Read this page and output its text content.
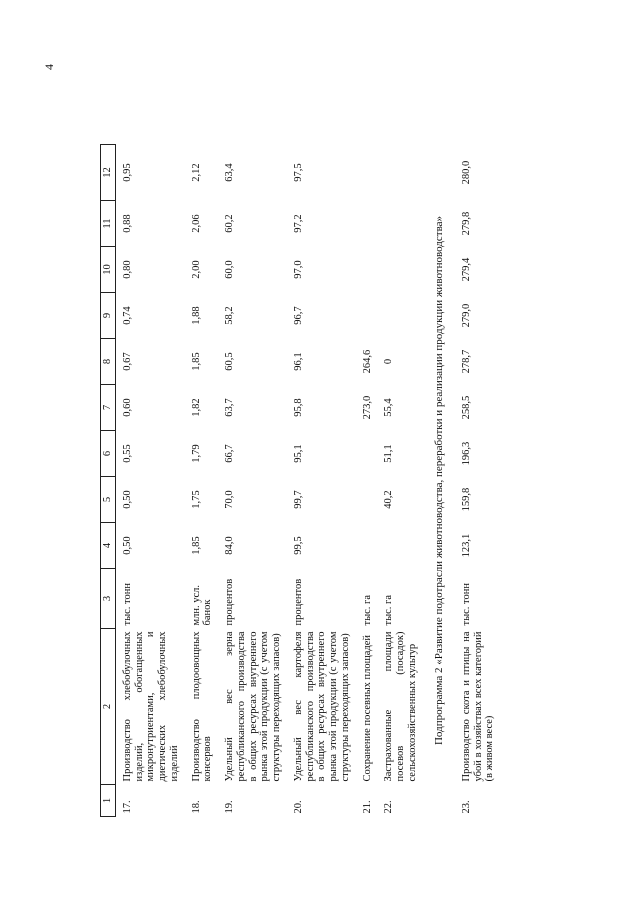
4
1	2	3	4	5	6	7	8	9	10	11	12
17.	Производство хлебобулочных изделий, обогащенных микронутриентами, и диетических хлебобулочных изделий	тыс. тонн	0,50	0,50	0,55	0,60	0,67	0,74	0,80	0,88	0,95
18.	Производство плодоовощных консервов	млн. усл. банок	1,85	1,75	1,79	1,82	1,85	1,88	2,00	2,06	2,12
19.	Удельный вес зерна республиканского производства в общих ресурсах внутреннего рынка этой продукции (с учетом структуры переходящих запасов)	процентов	84,0	70,0	66,7	63,7	60,5	58,2	60,0	60,2	63,4
20.	Удельный вес картофеля республиканского производства в общих ресурсах внутреннего рынка этой продукции (с учетом структуры переходящих запасов)	процентов	99,5	99,7	95,1	95,8	96,1	96,7	97,0	97,2	97,5
21.	Сохранение посевных площадей	тыс. га				273,0	264,6				
22.	Застрахованные площади посевов (посадок) сельскохозяйственных культур	тыс. га		40,2	51,1	55,4	0				
Подпрограмма 2 «Развитие подотрасли животноводства, переработки и реализации продукции животноводства»											
23.	Производство скота и птицы на убой в хозяйствах всех категорий (в живом весе)	тыс. тонн	123,1	159,8	196,3	258,5	278,7	279,0	279,4	279,8	280,0
